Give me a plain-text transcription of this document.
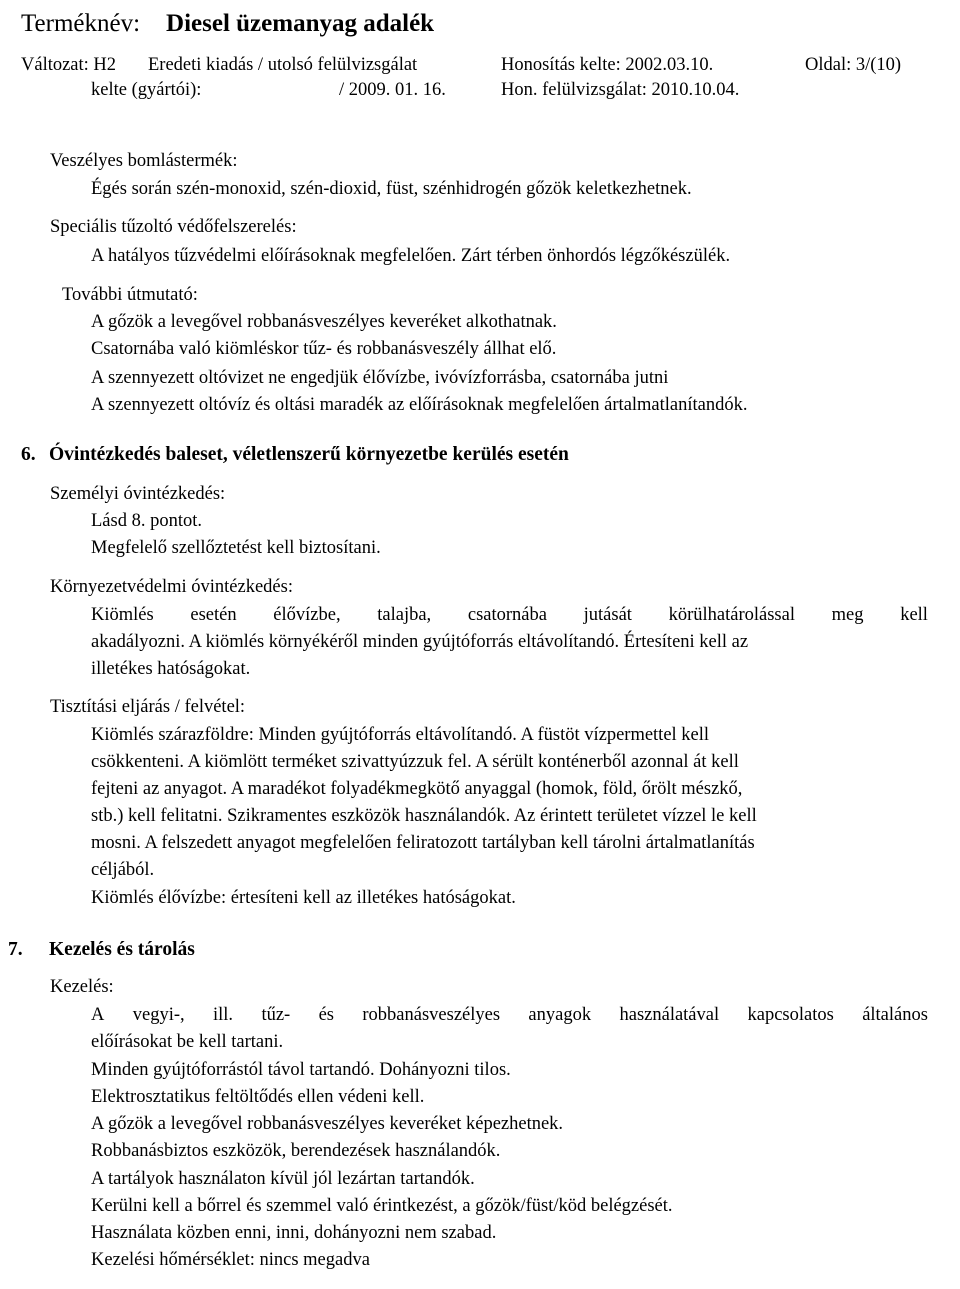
Terméknév: Diesel üzemanyag adalék
Változat: H2 Eredeti kiadás / utolsó felülvizsgálat	Honosítás kelte: 2002.03.10.	Oldal: 3/(10)
kelte (gyártói):	/ 2009. 01. 16.	Hon. felülvizsgálat: 2010.10.04.
Veszélyes bomlástermék:
Égés során szén-monoxid, szén-dioxid, füst, szénhidrogén gőzök keletkezhetnek.
Speciális tűzoltó védőfelszerelés:
A hatályos tűzvédelmi előírásoknak megfelelően. Zárt térben önhordós légzőkészülék.
További útmutató:
A gőzök a levegővel robbanásveszélyes keveréket alkothatnak.
Csatornába való kiömléskor tűz- és robbanásveszély állhat elő.
A szennyezett oltóvizet ne engedjük élővízbe, ivóvízforrásba, csatornába jutni
A szennyezett oltóvíz és oltási maradék az előírásoknak megfelelően ártalmatlanítandók.
6. Óvintézkedés baleset, véletlenszerű környezetbe kerülés esetén
Személyi óvintézkedés:
Lásd 8. pontot.
Megfelelő szellőztetést kell biztosítani.
Környezetvédelmi óvintézkedés:
Kiömlés esetén élővízbe, talajba, csatornába jutását körülhatárolással meg kell
akadályozni. A kiömlés környékéről minden gyújtóforrás eltávolítandó. Értesíteni kell az
illetékes hatóságokat.
Tisztítási eljárás / felvétel:
Kiömlés szárazföldre: Minden gyújtóforrás eltávolítandó. A füstöt vízpermettel kell
csökkenteni. A kiömlött terméket szivattyúzzuk fel. A sérült konténerből azonnal át kell
fejteni az anyagot. A maradékot folyadékmegkötő anyaggal (homok, föld, őrölt mészkő,
stb.) kell felitatni. Szikramentes eszközök használandók. Az érintett területet vízzel le kell
mosni. A felszedett anyagot megfelelően feliratozott tartályban kell tárolni ártalmatlanítás
céljából.
Kiömlés élővízbe: értesíteni kell az illetékes hatóságokat.
7. Kezelés és tárolás
Kezelés:
A vegyi-, ill. tűz- és robbanásveszélyes anyagok használatával kapcsolatos általános
előírásokat be kell tartani.
Minden gyújtóforrástól távol tartandó. Dohányozni tilos.
Elektrosztatikus feltöltődés ellen védeni kell.
A gőzök a levegővel robbanásveszélyes keveréket képezhetnek.
Robbanásbiztos eszközök, berendezések használandók.
A tartályok használaton kívül jól lezártan tartandók.
Kerülni kell a bőrrel és szemmel való érintkezést, a gőzök/füst/köd belégzését.
Használata közben enni, inni, dohányozni nem szabad.
Kezelési hőmérséklet: nincs megadva
